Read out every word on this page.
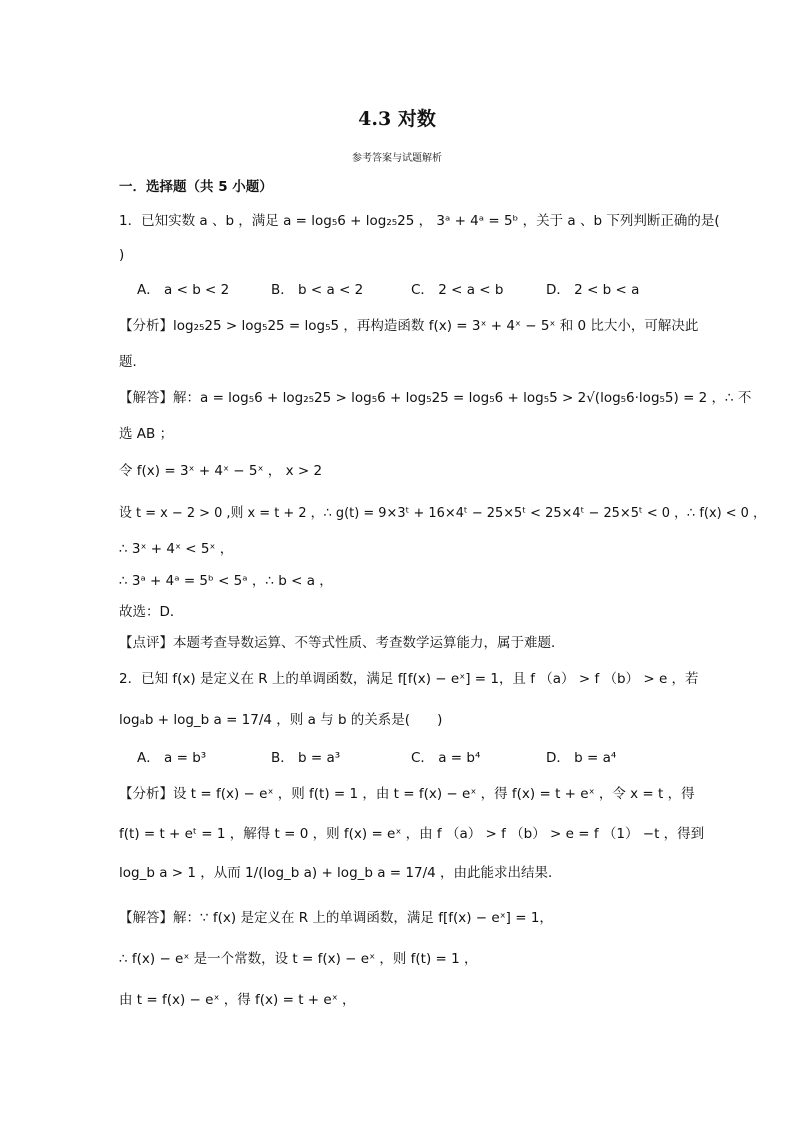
4.3 对数
参考答案与试题解析
一．选择题（共 5 小题）
1．已知实数 a 、b ，满足 a = log₅6 + log₂₅25 ， 3ᵃ + 4ᵃ = 5ᵇ ，关于 a 、b 下列判断正确的是(
)
A． a < b < 2	B． b < a < 2	C． 2 < a < b	D． 2 < b < a
【分析】log₂₅25 > log₅25 = log₅5 ，再构造函数 f(x) = 3ˣ + 4ˣ − 5ˣ 和 0 比大小，可解决此
题．
【解答】解：a = log₅6 + log₂₅25 > log₅6 + log₅25 = log₅6 + log₅5 > 2√(log₅6·log₅5) = 2 ，∴ 不
选 AB ；
令 f(x) = 3ˣ + 4ˣ − 5ˣ ， x > 2
设 t = x − 2 > 0 ,则 x = t + 2 ，∴ g(t) = 9×3ᵗ + 16×4ᵗ − 25×5ᵗ < 25×4ᵗ − 25×5ᵗ < 0 ，∴ f(x) < 0 ，
∴ 3ˣ + 4ˣ < 5ˣ ，
∴ 3ᵃ + 4ᵃ = 5ᵇ < 5ᵃ ，∴ b < a ，
故选：D．
【点评】本题考查导数运算、不等式性质、考查数学运算能力，属于难题．
2．已知 f(x) 是定义在 R 上的单调函数，满足 f[f(x) − eˣ] = 1，且 f （a） > f （b） > e ，若
logₐb + log_b a = 17/4 ，则 a 与 b 的关系是(　　)
A． a = b³	B． b = a³	C． a = b⁴	D． b = a⁴
【分析】设 t = f(x) − eˣ ，则 f(t) = 1 ，由 t = f(x) − eˣ ，得 f(x) = t + eˣ ，令 x = t ，得
f(t) = t + eᵗ = 1 ，解得 t = 0 ，则 f(x) = eˣ ，由 f （a） > f （b） > e = f （1） −t ，得到
log_b a > 1 ，从而 1/(log_b a) + log_b a = 17/4 ，由此能求出结果．
【解答】解：∵ f(x) 是定义在 R 上的单调函数，满足 f[f(x) − eˣ] = 1，
∴ f(x) − eˣ 是一个常数，设 t = f(x) − eˣ ，则 f(t) = 1 ，
由 t = f(x) − eˣ ，得 f(x) = t + eˣ ，
